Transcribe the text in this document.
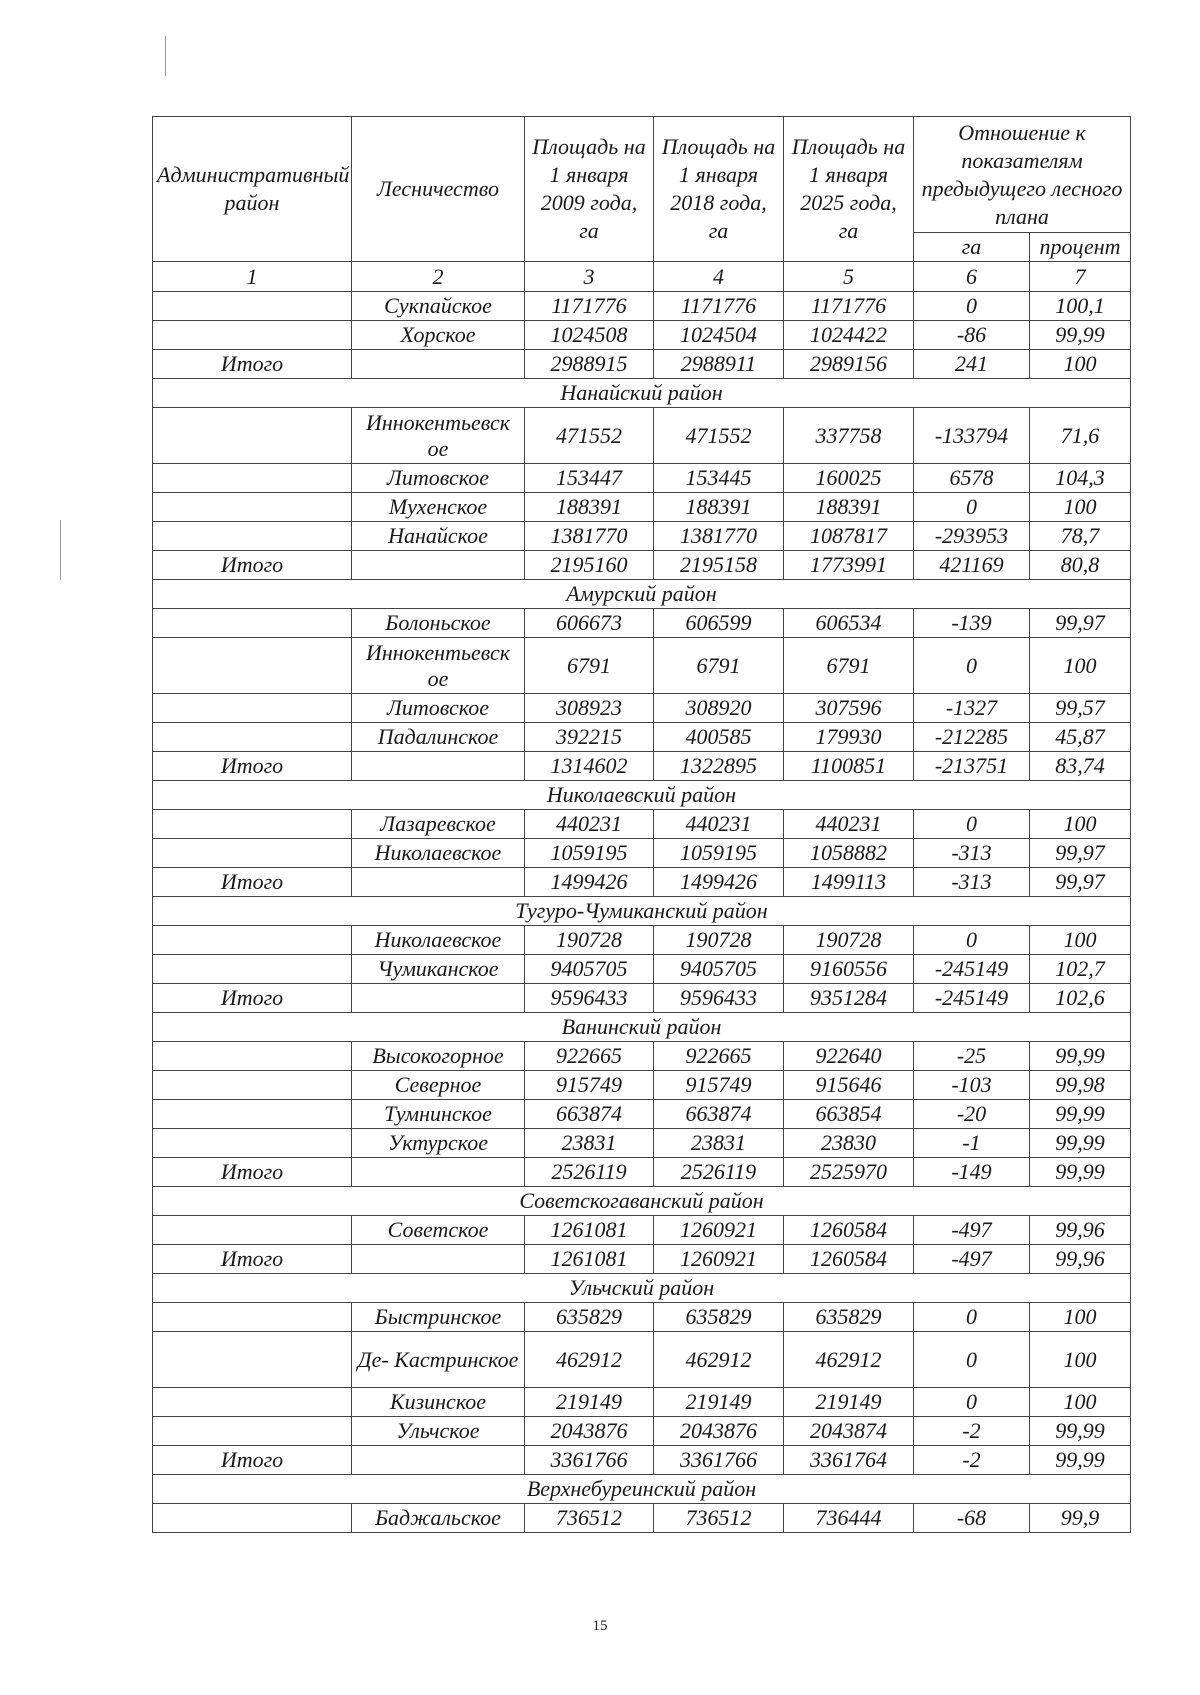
Административный район	Лесничество	Площадь на 1 января 2009 года, га	Площадь на 1 января 2018 года, га	Площадь на 1 января 2025 года, га	Отношение к показателям предыдущего лесного плана	
					га	процент
1	2	3	4	5	6	7
	Сукпайское	1171776	1171776	1171776	0	100,1
	Хорское	1024508	1024504	1024422	-86	99,99
Итого		2988915	2988911	2989156	241	100
Нанайский район						
	Иннокентьевск ое	471552	471552	337758	-133794	71,6
	Литовское	153447	153445	160025	6578	104,3
	Мухенское	188391	188391	188391	0	100
	Нанайское	1381770	1381770	1087817	-293953	78,7
Итого		2195160	2195158	1773991	421169	80,8
Амурский район						
	Болоньское	606673	606599	606534	-139	99,97
	Иннокентьевск ое	6791	6791	6791	0	100
	Литовское	308923	308920	307596	-1327	99,57
	Падалинское	392215	400585	179930	-212285	45,87
Итого		1314602	1322895	1100851	-213751	83,74
Николаевский район						
	Лазаревское	440231	440231	440231	0	100
	Николаевское	1059195	1059195	1058882	-313	99,97
Итого		1499426	1499426	1499113	-313	99,97
Тугуро-Чумиканский район						
	Николаевское	190728	190728	190728	0	100
	Чумиканское	9405705	9405705	9160556	-245149	102,7
Итого		9596433	9596433	9351284	-245149	102,6
Ванинский район						
	Высокогорное	922665	922665	922640	-25	99,99
	Северное	915749	915749	915646	-103	99,98
	Тумнинское	663874	663874	663854	-20	99,99
	Уктурское	23831	23831	23830	-1	99,99
Итого		2526119	2526119	2525970	-149	99,99
Советскогаванский район						
	Советское	1261081	1260921	1260584	-497	99,96
Итого		1261081	1260921	1260584	-497	99,96
Ульчский район						
	Быстринское	635829	635829	635829	0	100
	Де- Кастринское	462912	462912	462912	0	100
	Кизинское	219149	219149	219149	0	100
	Ульчское	2043876	2043876	2043874	-2	99,99
Итого		3361766	3361766	3361764	-2	99,99
Верхнебуреинский район						
	Баджальское	736512	736512	736444	-68	99,9
15
